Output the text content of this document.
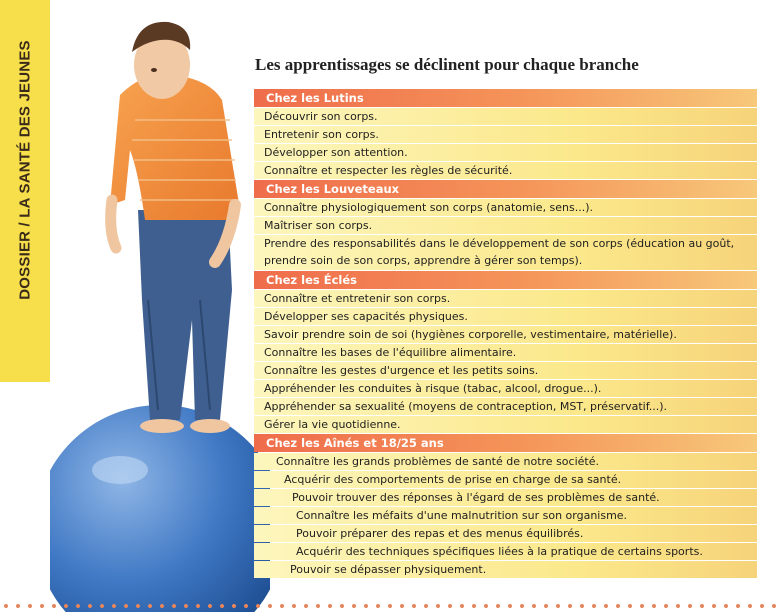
DOSSIER / LA SANTÉ DES JEUNES	Les apprentissages se déclinent pour chaque branche
Chez les Lutins
Découvrir son corps.
Entretenir son corps.
Développer son attention.
Connaître et respecter les règles de sécurité.
Chez les Louveteaux
Connaître physiologiquement son corps (anatomie, sens...).
Maîtriser son corps.
Prendre des responsabilités dans le développement de son corps (éducation au goût,
prendre soin de son corps, apprendre à gérer son temps).
Chez les Éclés
Connaître et entretenir son corps.
Développer ses capacités physiques.
Savoir prendre soin de soi (hygiènes corporelle, vestimentaire, matérielle).
Connaître les bases de l'équilibre alimentaire.
Connaître les gestes d'urgence et les petits soins.
Appréhender les conduites à risque (tabac, alcool, drogue...).
Appréhender sa sexualité (moyens de contraception, MST, préservatif...).
Gérer la vie quotidienne.
Chez les Aînés et 18/25 ans
Connaître les grands problèmes de santé de notre société.
Acquérir des comportements de prise en charge de sa santé.
Pouvoir trouver des réponses à l'égard de ses problèmes de santé.
Connaître les méfaits d'une malnutrition sur son organisme.
Pouvoir préparer des repas et des menus équilibrés.
Acquérir des techniques spécifiques liées à la pratique de certains sports.
Pouvoir se dépasser physiquement.
